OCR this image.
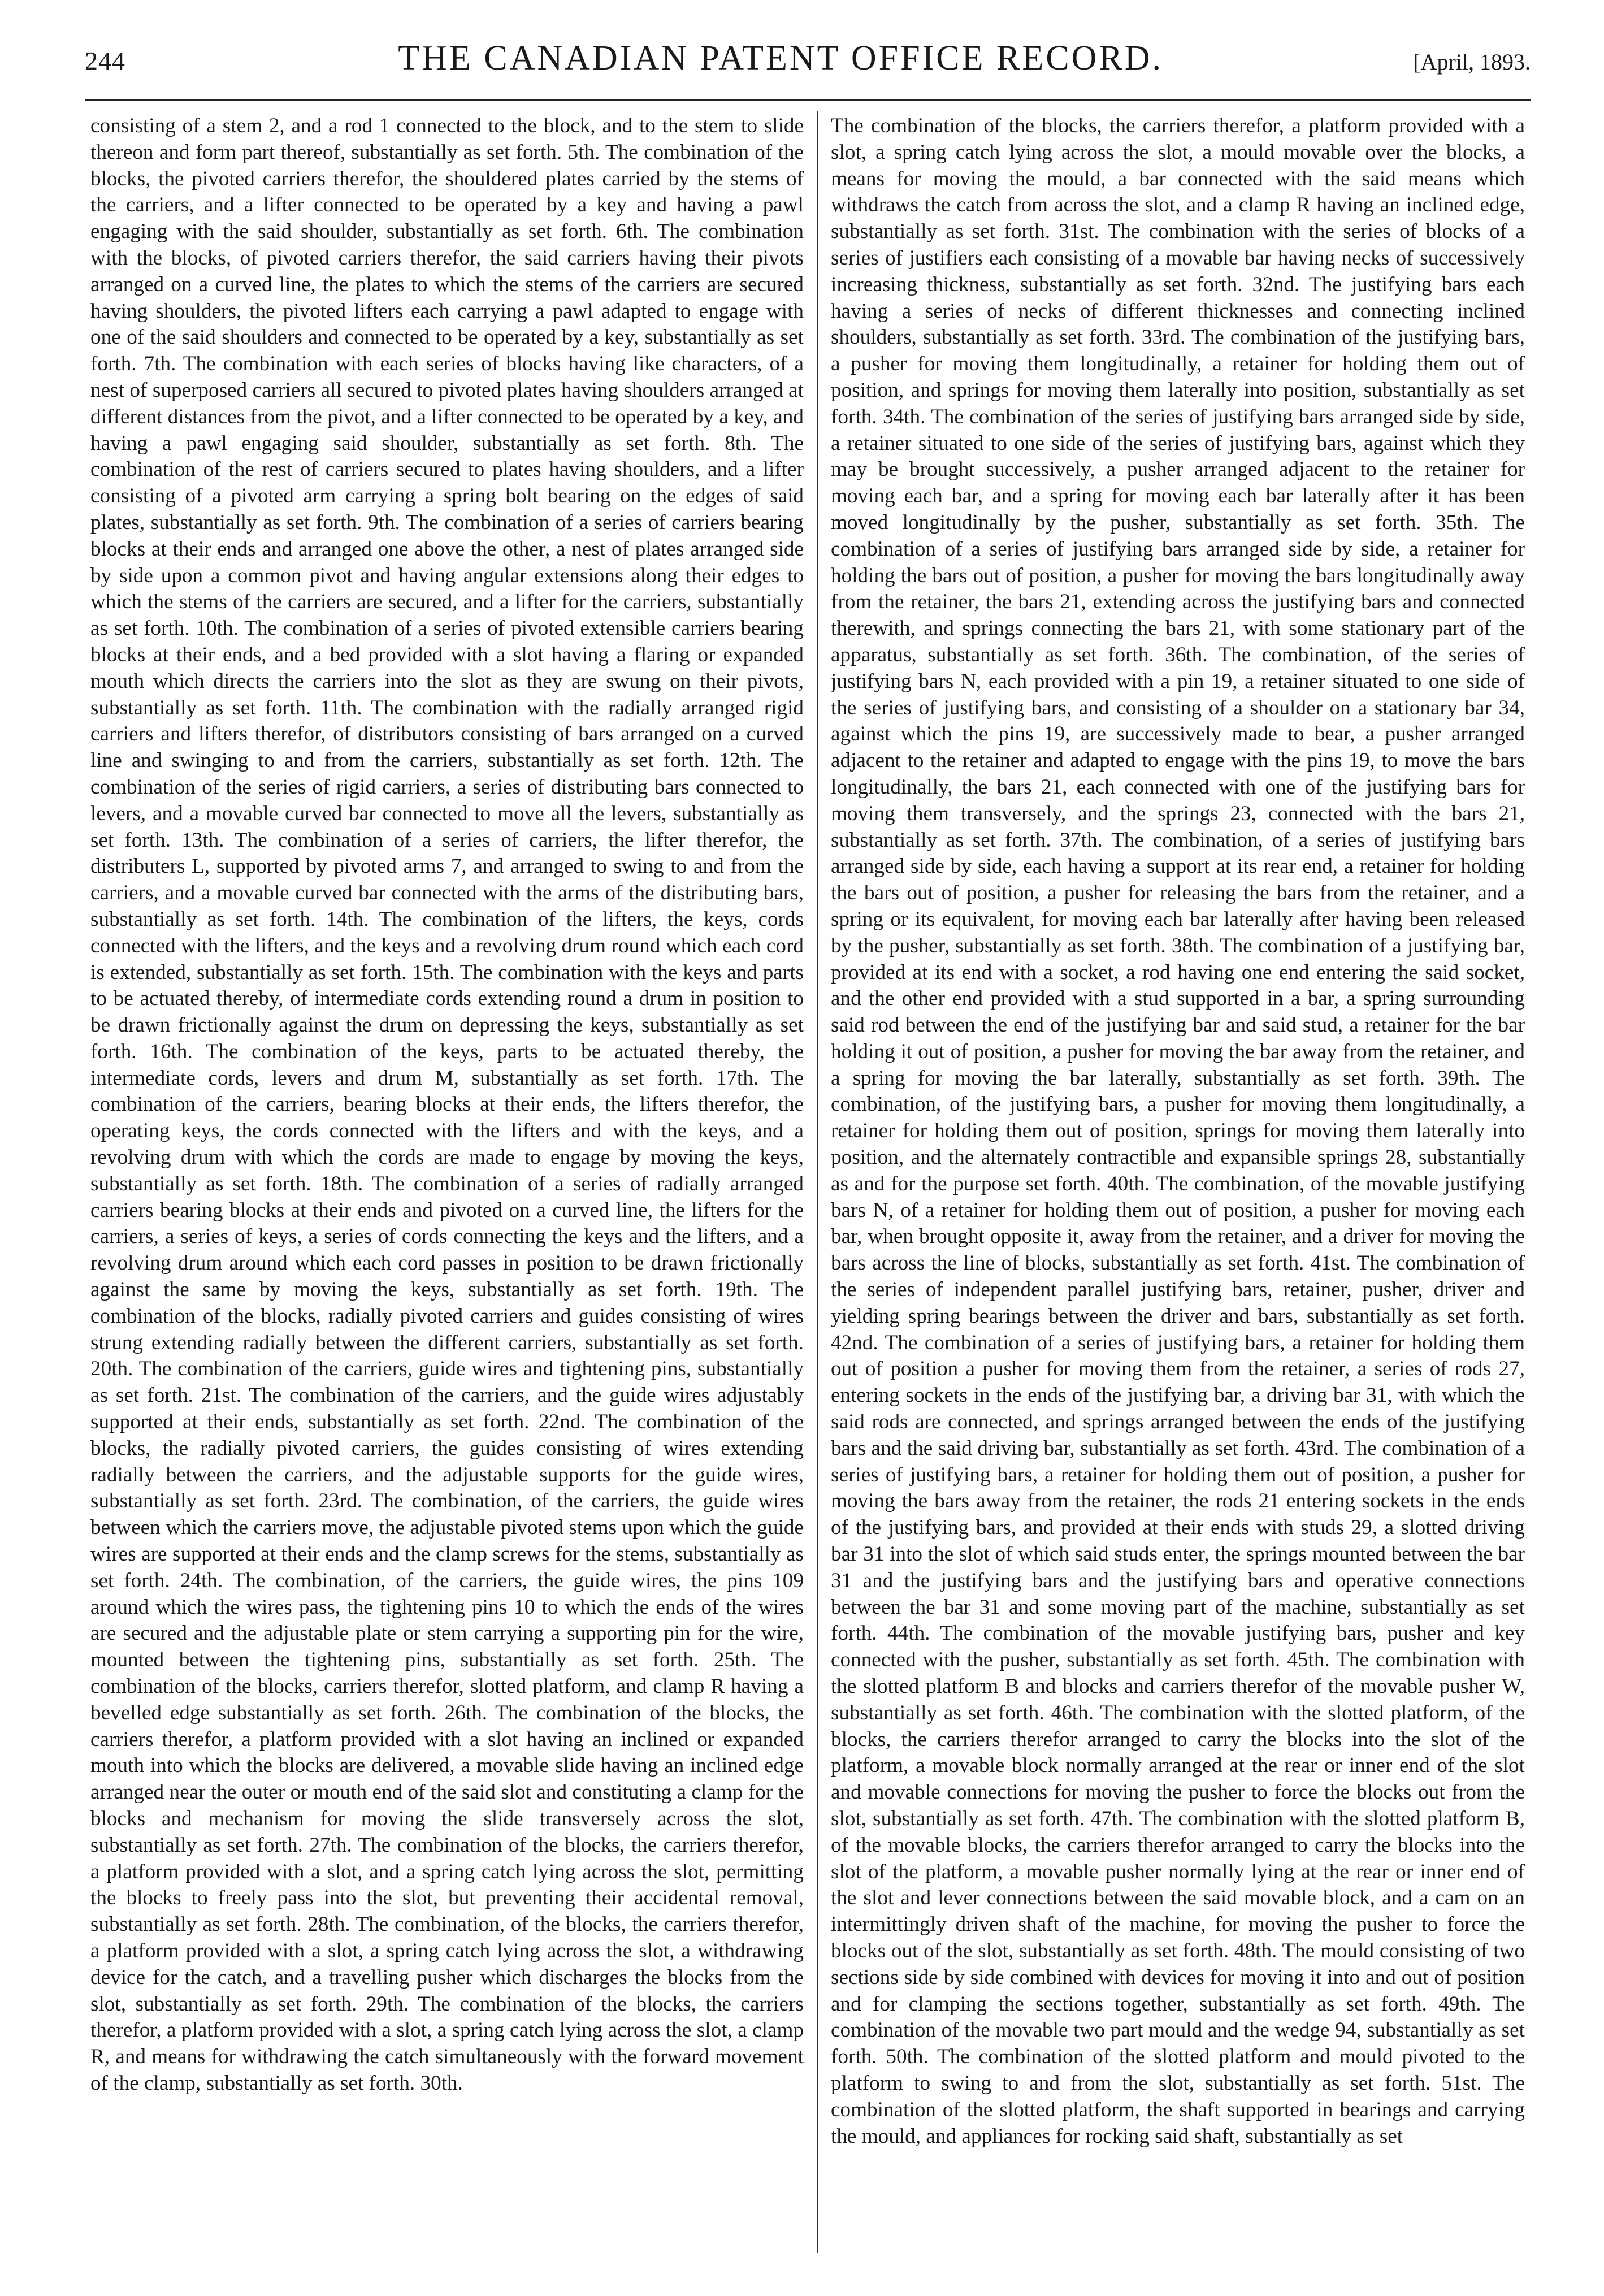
244	THE CANADIAN PATENT OFFICE RECORD.	[April, 1893.

consisting of a stem 2, and a rod 1 connected to the block, and to the stem to slide thereon and form part thereof, substantially as set forth. 5th. The combination of the blocks, the pivoted carriers therefor, the shouldered plates carried by the stems of the carriers, and a lifter connected to be operated by a key and having a pawl engaging with the said shoulder, substantially as set forth. 6th. The combination with the blocks, of pivoted carriers therefor, the said carriers having their pivots arranged on a curved line, the plates to which the stems of the carriers are secured having shoulders, the pivoted lifters each carrying a pawl adapted to engage with one of the said shoulders and connected to be operated by a key, substantially as set forth. 7th. The combination with each series of blocks having like characters, of a nest of superposed carriers all secured to pivoted plates having shoulders arranged at different distances from the pivot, and a lifter connected to be operated by a key, and having a pawl engaging said shoulder, substantially as set forth. 8th. The combination of the rest of carriers secured to plates having shoulders, and a lifter consisting of a pivoted arm carrying a spring bolt bearing on the edges of said plates, substantially as set forth. 9th. The combination of a series of carriers bearing blocks at their ends and arranged one above the other, a nest of plates arranged side by side upon a common pivot and having angular extensions along their edges to which the stems of the carriers are secured, and a lifter for the carriers, substantially as set forth. 10th. The combination of a series of pivoted extensible carriers bearing blocks at their ends, and a bed provided with a slot having a flaring or expanded mouth which directs the carriers into the slot as they are swung on their pivots, substantially as set forth. 11th. The combination with the radially arranged rigid carriers and lifters therefor, of distributors consisting of bars arranged on a curved line and swinging to and from the carriers, substantially as set forth. 12th. The combination of the series of rigid carriers, a series of distributing bars connected to levers, and a movable curved bar connected to move all the levers, substantially as set forth. 13th. The combination of a series of carriers, the lifter therefor, the distributers L, supported by pivoted arms 7, and arranged to swing to and from the carriers, and a movable curved bar connected with the arms of the distributing bars, substantially as set forth. 14th. The combination of the lifters, the keys, cords connected with the lifters, and the keys and a revolving drum round which each cord is extended, substantially as set forth. 15th. The combination with the keys and parts to be actuated thereby, of intermediate cords extending round a drum in position to be drawn frictionally against the drum on depressing the keys, substantially as set forth. 16th. The combination of the keys, parts to be actuated thereby, the intermediate cords, levers and drum M, substantially as set forth. 17th. The combination of the carriers, bearing blocks at their ends, the lifters therefor, the operating keys, the cords connected with the lifters and with the keys, and a revolving drum with which the cords are made to engage by moving the keys, substantially as set forth. 18th. The combination of a series of radially arranged carriers bearing blocks at their ends and pivoted on a curved line, the lifters for the carriers, a series of keys, a series of cords connecting the keys and the lifters, and a revolving drum around which each cord passes in position to be drawn frictionally against the same by moving the keys, substantially as set forth. 19th. The combination of the blocks, radially pivoted carriers and guides consisting of wires strung extending radially between the different carriers, substantially as set forth. 20th. The combination of the carriers, guide wires and tightening pins, substantially as set forth. 21st. The combination of the carriers, and the guide wires adjustably supported at their ends, substantially as set forth. 22nd. The combination of the blocks, the radially pivoted carriers, the guides consisting of wires extending radially between the carriers, and the adjustable supports for the guide wires, substantially as set forth. 23rd. The combination, of the carriers, the guide wires between which the carriers move, the adjustable pivoted stems upon which the guide wires are supported at their ends and the clamp screws for the stems, substantially as set forth. 24th. The combination, of the carriers, the guide wires, the pins 109 around which the wires pass, the tightening pins 10 to which the ends of the wires are secured and the adjustable plate or stem carrying a supporting pin for the wire, mounted between the tightening pins, substantially as set forth. 25th. The combination of the blocks, carriers therefor, slotted platform, and clamp R having a bevelled edge substantially as set forth. 26th. The combination of the blocks, the carriers therefor, a platform provided with a slot having an inclined or expanded mouth into which the blocks are delivered, a movable slide having an inclined edge arranged near the outer or mouth end of the said slot and constituting a clamp for the blocks and mechanism for moving the slide transversely across the slot, substantially as set forth. 27th. The combination of the blocks, the carriers therefor, a platform provided with a slot, and a spring catch lying across the slot, permitting the blocks to freely pass into the slot, but preventing their accidental removal, substantially as set forth. 28th. The combination, of the blocks, the carriers therefor, a platform provided with a slot, a spring catch lying across the slot, a withdrawing device for the catch, and a travelling pusher which discharges the blocks from the slot, substantially as set forth. 29th. The combination of the blocks, the carriers therefor, a platform provided with a slot, a spring catch lying across the slot, a clamp R, and means for withdrawing the catch simultaneously with the forward movement of the clamp, substantially as set forth. 30th.

The combination of the blocks, the carriers therefor, a platform provided with a slot, a spring catch lying across the slot, a mould movable over the blocks, a means for moving the mould, a bar connected with the said means which withdraws the catch from across the slot, and a clamp R having an inclined edge, substantially as set forth. 31st. The combination with the series of blocks of a series of justifiers each consisting of a movable bar having necks of successively increasing thickness, substantially as set forth. 32nd. The justifying bars each having a series of necks of different thicknesses and connecting inclined shoulders, substantially as set forth. 33rd. The combination of the justifying bars, a pusher for moving them longitudinally, a retainer for holding them out of position, and springs for moving them laterally into position, substantially as set forth. 34th. The combination of the series of justifying bars arranged side by side, a retainer situated to one side of the series of justifying bars, against which they may be brought successively, a pusher arranged adjacent to the retainer for moving each bar, and a spring for moving each bar laterally after it has been moved longitudinally by the pusher, substantially as set forth. 35th. The combination of a series of justifying bars arranged side by side, a retainer for holding the bars out of position, a pusher for moving the bars longitudinally away from the retainer, the bars 21, extending across the justifying bars and connected therewith, and springs connecting the bars 21, with some stationary part of the apparatus, substantially as set forth. 36th. The combination, of the series of justifying bars N, each provided with a pin 19, a retainer situated to one side of the series of justifying bars, and consisting of a shoulder on a stationary bar 34, against which the pins 19, are successively made to bear, a pusher arranged adjacent to the retainer and adapted to engage with the pins 19, to move the bars longitudinally, the bars 21, each connected with one of the justifying bars for moving them transversely, and the springs 23, connected with the bars 21, substantially as set forth. 37th. The combination, of a series of justifying bars arranged side by side, each having a support at its rear end, a retainer for holding the bars out of position, a pusher for releasing the bars from the retainer, and a spring or its equivalent, for moving each bar laterally after having been released by the pusher, substantially as set forth. 38th. The combination of a justifying bar, provided at its end with a socket, a rod having one end entering the said socket, and the other end provided with a stud supported in a bar, a spring surrounding said rod between the end of the justifying bar and said stud, a retainer for the bar holding it out of position, a pusher for moving the bar away from the retainer, and a spring for moving the bar laterally, substantially as set forth. 39th. The combination, of the justifying bars, a pusher for moving them longitudinally, a retainer for holding them out of position, springs for moving them laterally into position, and the alternately contractible and expansible springs 28, substantially as and for the purpose set forth. 40th. The combination, of the movable justifying bars N, of a retainer for holding them out of position, a pusher for moving each bar, when brought opposite it, away from the retainer, and a driver for moving the bars across the line of blocks, substantially as set forth. 41st. The combination of the series of independent parallel justifying bars, retainer, pusher, driver and yielding spring bearings between the driver and bars, substantially as set forth. 42nd. The combination of a series of justifying bars, a retainer for holding them out of position a pusher for moving them from the retainer, a series of rods 27, entering sockets in the ends of the justifying bar, a driving bar 31, with which the said rods are connected, and springs arranged between the ends of the justifying bars and the said driving bar, substantially as set forth. 43rd. The combination of a series of justifying bars, a retainer for holding them out of position, a pusher for moving the bars away from the retainer, the rods 21 entering sockets in the ends of the justifying bars, and provided at their ends with studs 29, a slotted driving bar 31 into the slot of which said studs enter, the springs mounted between the bar 31 and the justifying bars and the justifying bars and operative connections between the bar 31 and some moving part of the machine, substantially as set forth. 44th. The combination of the movable justifying bars, pusher and key connected with the pusher, substantially as set forth. 45th. The combination with the slotted platform B and blocks and carriers therefor of the movable pusher W, substantially as set forth. 46th. The combination with the slotted platform, of the blocks, the carriers therefor arranged to carry the blocks into the slot of the platform, a movable block normally arranged at the rear or inner end of the slot and movable connections for moving the pusher to force the blocks out from the slot, substantially as set forth. 47th. The combination with the slotted platform B, of the movable blocks, the carriers therefor arranged to carry the blocks into the slot of the platform, a movable pusher normally lying at the rear or inner end of the slot and lever connections between the said movable block, and a cam on an intermittingly driven shaft of the machine, for moving the pusher to force the blocks out of the slot, substantially as set forth. 48th. The mould consisting of two sections side by side combined with devices for moving it into and out of position and for clamping the sections together, substantially as set forth. 49th. The combination of the movable two part mould and the wedge 94, substantially as set forth. 50th. The combination of the slotted platform and mould pivoted to the platform to swing to and from the slot, substantially as set forth. 51st. The combination of the slotted platform, the shaft supported in bearings and carrying the mould, and appliances for rocking said shaft, substantially as set
